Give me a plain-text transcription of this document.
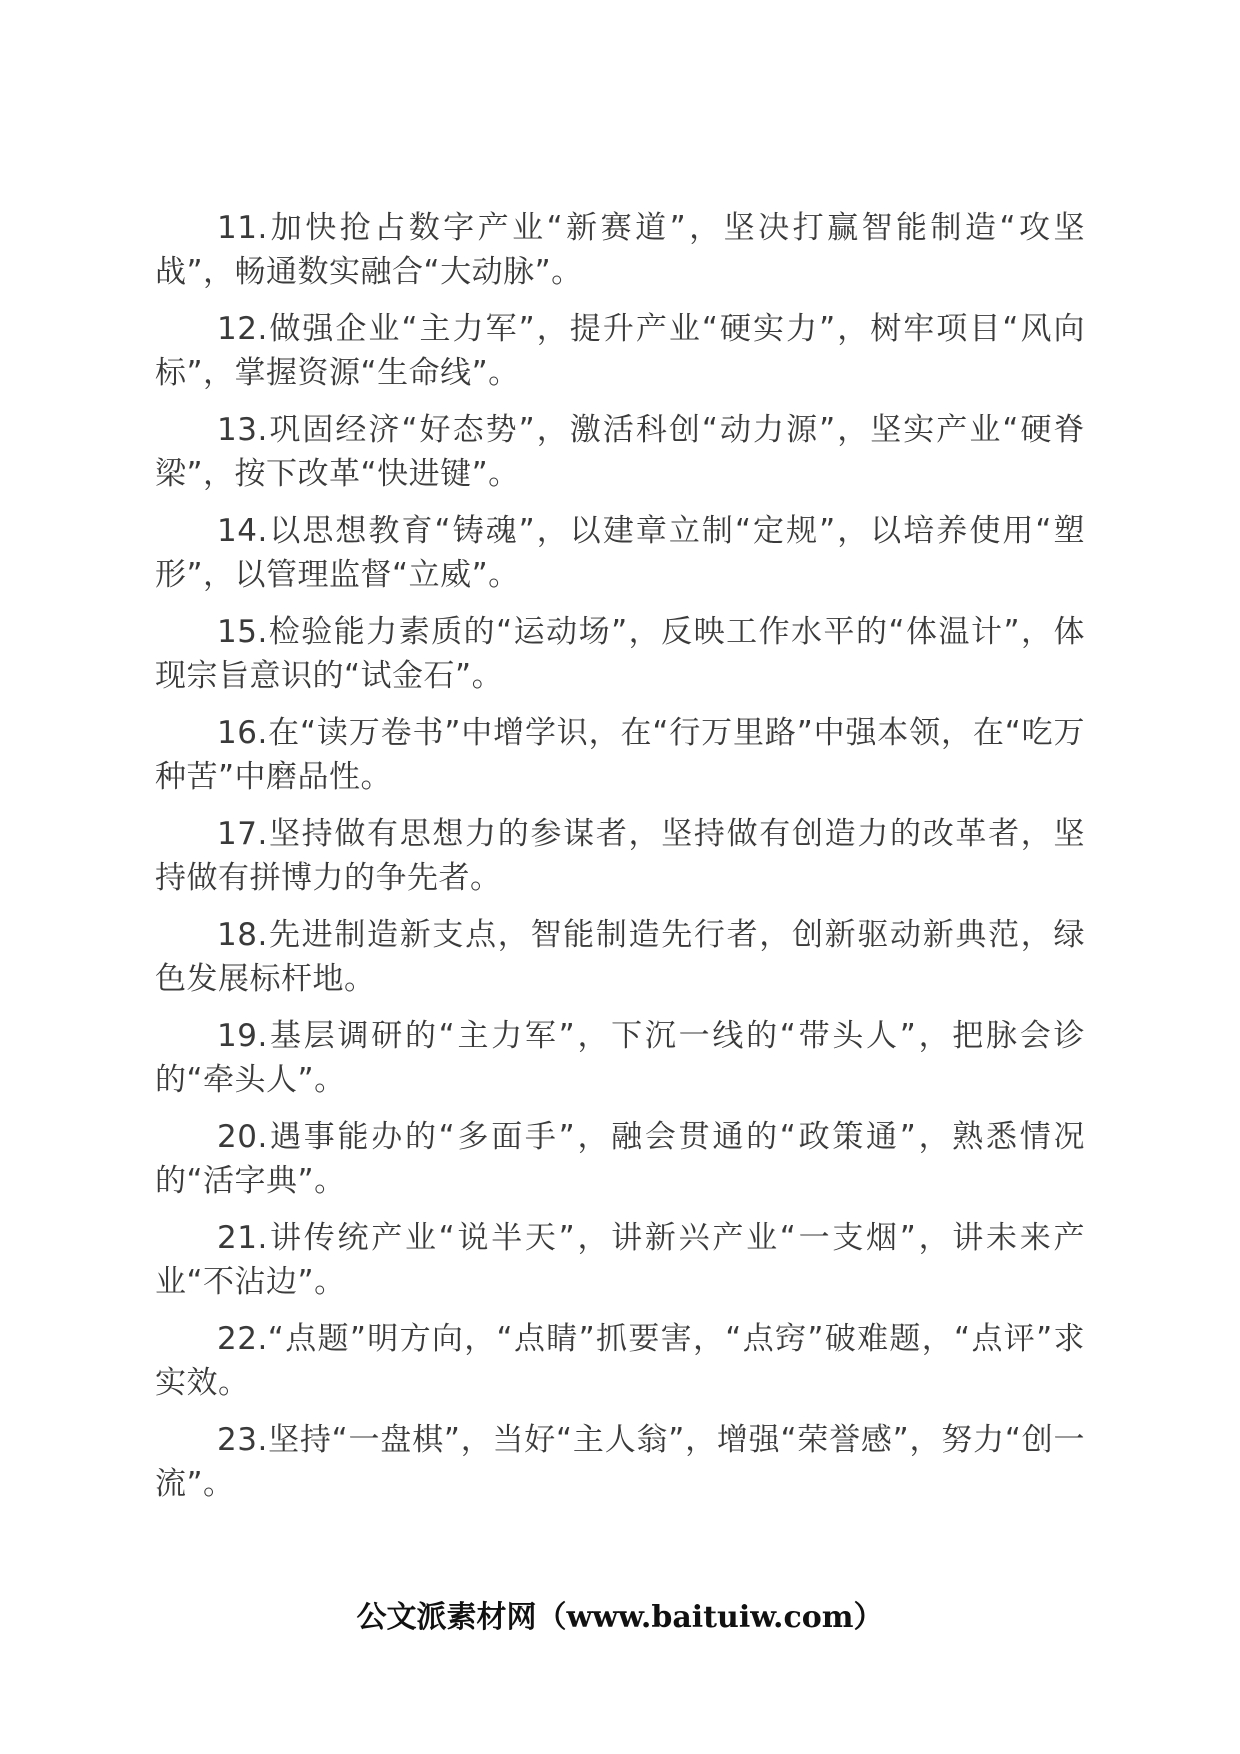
11.加快抢占数字产业“新赛道”，坚决打赢智能制造“攻坚战”，畅通数实融合“大动脉”。

12.做强企业“主力军”，提升产业“硬实力”，树牢项目“风向标”，掌握资源“生命线”。

13.巩固经济“好态势”，激活科创“动力源”，坚实产业“硬脊梁”，按下改革“快进键”。

14.以思想教育“铸魂”，以建章立制“定规”，以培养使用“塑形”，以管理监督“立威”。

15.检验能力素质的“运动场”，反映工作水平的“体温计”，体现宗旨意识的“试金石”。

16.在“读万卷书”中增学识，在“行万里路”中强本领，在“吃万种苦”中磨品性。

17.坚持做有思想力的参谋者，坚持做有创造力的改革者，坚持做有拼博力的争先者。

18.先进制造新支点，智能制造先行者，创新驱动新典范，绿色发展标杆地。

19.基层调研的“主力军”，下沉一线的“带头人”，把脉会诊的“牵头人”。

20.遇事能办的“多面手”，融会贯通的“政策通”，熟悉情况的“活字典”。

21.讲传统产业“说半天”，讲新兴产业“一支烟”，讲未来产业“不沾边”。

22.“点题”明方向，“点睛”抓要害，“点窍”破难题，“点评”求实效。

23.坚持“一盘棋”，当好“主人翁”，增强“荣誉感”，努力“创一流”。

公文派素材网（www.baituiw.com）
